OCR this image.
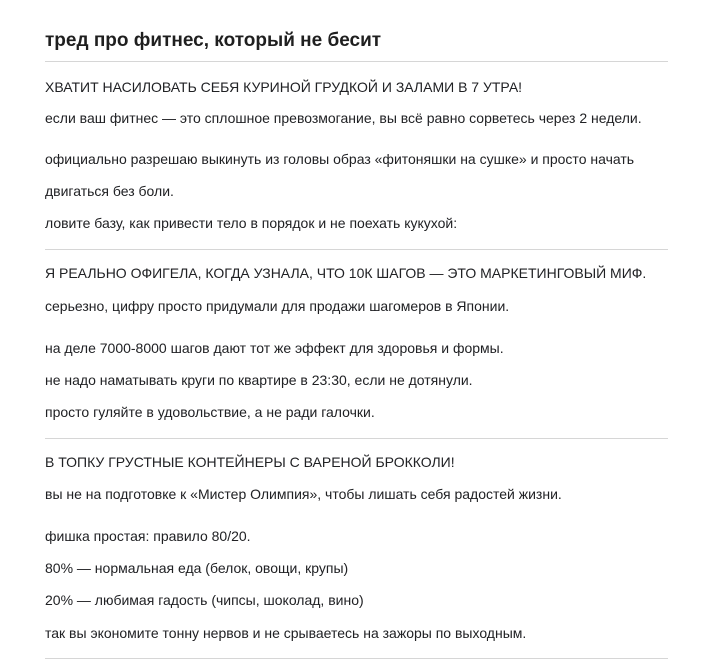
тред про фитнес, который не бесит

ХВАТИТ НАСИЛОВАТЬ СЕБЯ КУРИНОЙ ГРУДКОЙ И ЗАЛАМИ В 7 УТРА!

если ваш фитнес — это сплошное превозмогание, вы всё равно сорветесь через 2 недели.

официально разрешаю выкинуть из головы образ «фитоняшки на сушке» и просто начать

двигаться без боли.

ловите базу, как привести тело в порядок и не поехать кукухой:

Я РЕАЛЬНО ОФИГЕЛА, КОГДА УЗНАЛА, ЧТО 10К ШАГОВ — ЭТО МАРКЕТИНГОВЫЙ МИФ.

серьезно, цифру просто придумали для продажи шагомеров в Японии.

на деле 7000-8000 шагов дают тот же эффект для здоровья и формы.

не надо наматывать круги по квартире в 23:30, если не дотянули.

просто гуляйте в удовольствие, а не ради галочки.

В ТОПКУ ГРУСТНЫЕ КОНТЕЙНЕРЫ С ВАРЕНОЙ БРОККОЛИ!

вы не на подготовке к «Мистер Олимпия», чтобы лишать себя радостей жизни.

фишка простая: правило 80/20.

80% — нормальная еда (белок, овощи, крупы)

20% — любимая гадость (чипсы, шоколад, вино)

так вы экономите тонну нервов и не срываетесь на зажоры по выходным.
